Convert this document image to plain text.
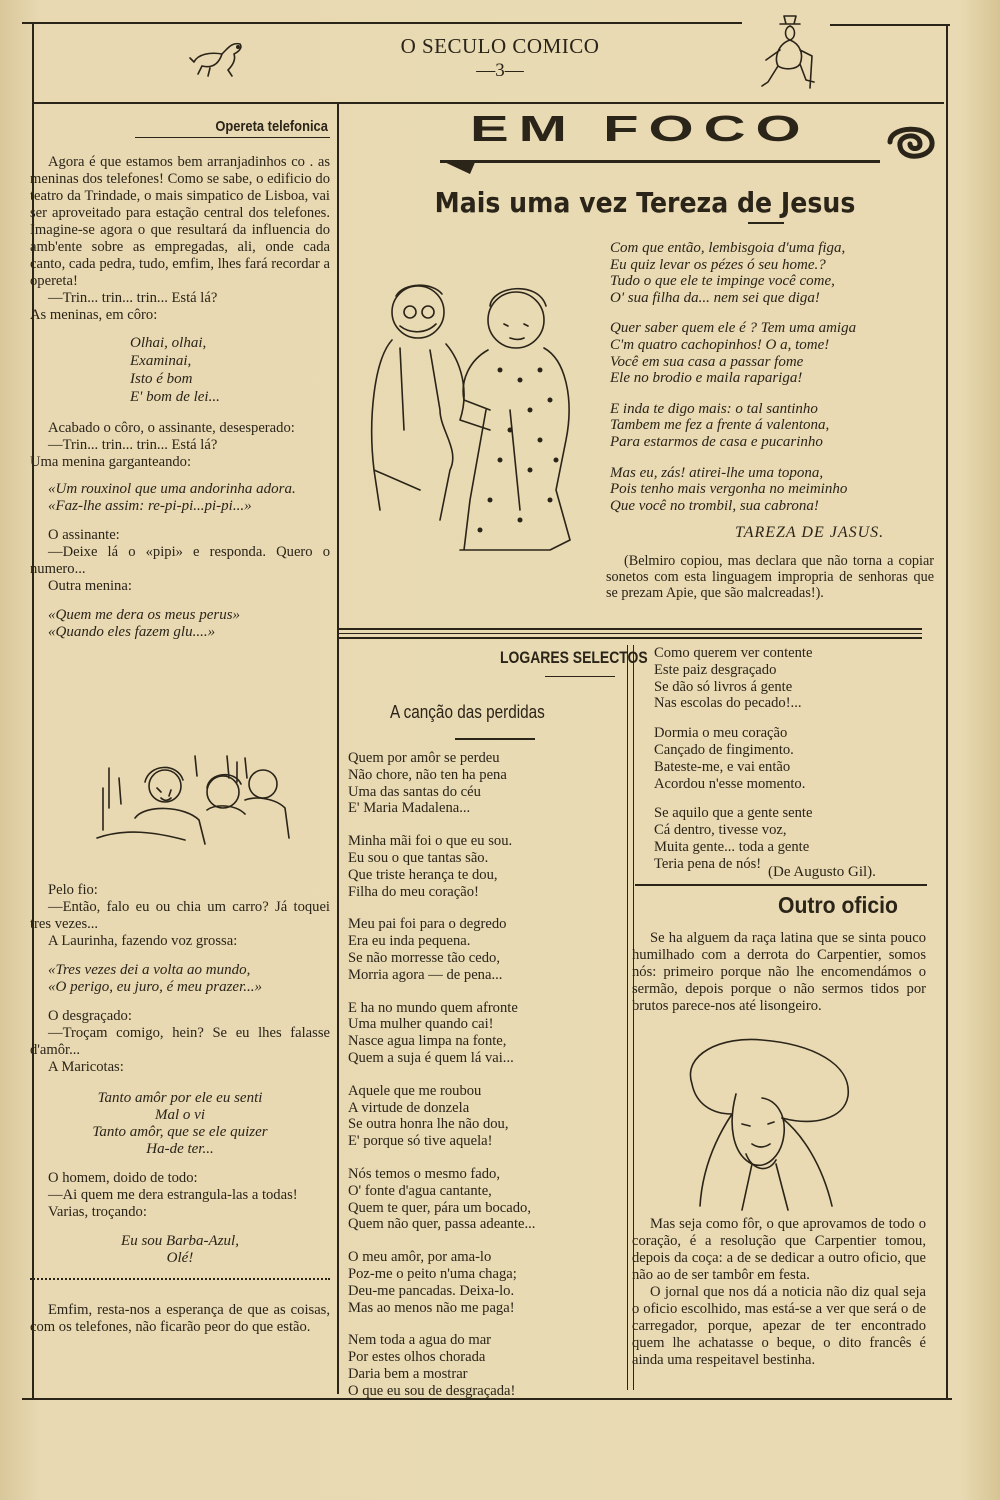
O SECULO COMICO
—3—
Opereta telefonica

Agora é que estamos bem arranjadinhos co . as meninas dos telefones! Como se sabe, o edificio do teatro da Trindade, o mais simpatico de Lisboa, vai ser aproveitado para estação central dos telefones. Imagine-se agora o que resultará da influencia do amb'ente sobre as empregadas, ali, onde cada canto, cada pedra, tudo, emfim, lhes fará recordar a opereta!

—Trin... trin... trin... Está lá?

As meninas, em côro:

Olhai, olhai,
Examinai,
Isto é bom
E' bom de lei...

Acabado o côro, o assinante, desesperado:

—Trin... trin... trin... Está lá?

Uma menina garganteando:

«Um rouxinol que uma andorinha adora.

«Faz-lhe assim: re-pi-pi...pi-pi...»

O assinante:

—Deixe lá o «pipi» e responda. Quero o numero...

Outra menina:

«Quem me dera os meus perus»

«Quando eles fazem glu....»

Pelo fio:

—Então, falo eu ou chia um carro? Já toquei tres vezes...

A Laurinha, fazendo voz grossa:

«Tres vezes dei a volta ao mundo,

«O perigo, eu juro, é meu prazer...»

O desgraçado:

—Troçam comigo, hein? Se eu lhes falasse d'amôr...

A Maricotas:

Tanto amôr por ele eu senti
Mal o vi
Tanto amôr, que se ele quizer
Ha-de ter...

O homem, doido de todo:

—Ai quem me dera estrangula-las a todas!

Varias, troçando:

Eu sou Barba-Azul,
Olé!

Emfim, resta-nos a esperança de que as coisas, com os telefones, não ficarão peor do que estão.

EM FOCO
Mais uma vez Tereza de Jesus
Com que então, lembisgoia d'uma figa,
Eu quiz levar os pézes ó seu home.?
Tudo o que ele te impinge você come,
O' sua filha da... nem sei que diga!
Quer saber quem ele é ? Tem uma amiga
C'm quatro cachopinhos! O a, tome!
Você em sua casa a passar fome
Ele no brodio e maila rapariga!
E inda te digo mais: o tal santinho
Tambem me fez a frente á valentona,
Para estarmos de casa e pucarinho
Mas eu, zás! atirei-lhe uma topona,
Pois tenho mais vergonha no meiminho
Que você no trombil, sua cabrona!
TAREZA DE JASUS.
(Belmiro copiou, mas declara que não torna a copiar sonetos com esta linguagem impropria de senhoras que se prezam Apie, que são malcreadas!).
LOGARES SELECTOS
A canção das perdidas
Quem por amôr se perdeu
Não chore, não ten ha pena
Uma das santas do céu
E' Maria Madalena...
Minha mãi foi o que eu sou.
Eu sou o que tantas são.
Que triste herança te dou,
Filha do meu coração!
Meu pai foi para o degredo
Era eu inda pequena.
Se não morresse tão cedo,
Morria agora — de pena...
E ha no mundo quem afronte
Uma mulher quando cai!
Nasce agua limpa na fonte,
Quem a suja é quem lá vai...
Aquele que me roubou
A virtude de donzela
Se outra honra lhe não dou,
E' porque só tive aquela!
Nós temos o mesmo fado,
O' fonte d'agua cantante,
Quem te quer, pára um bocado,
Quem não quer, passa adeante...
O meu amôr, por ama-lo
Poz-me o peito n'uma chaga;
Deu-me pancadas. Deixa-lo.
Mas ao menos não me paga!
Nem toda a agua do mar
Por estes olhos chorada
Daria bem a mostrar
O que eu sou de desgraçada!
Como querem ver contente
Este paiz desgraçado
Se dão só livros á gente
Nas escolas do pecado!...
Dormia o meu coração
Cançado de fingimento.
Bateste-me, e vai então
Acordou n'esse momento.
Se aquilo que a gente sente
Cá dentro, tivesse voz,
Muita gente... toda a gente
Teria pena de nós!
(De Augusto Gil).
Outro oficio
Se ha alguem da raça latina que se sinta pouco humilhado com a derrota do Carpentier, somos nós: primeiro porque não lhe encomendámos o sermão, depois porque o não sermos tidos por brutos parece-nos até lisongeiro.

Mas seja como fôr, o que aprovamos de todo o coração, é a resolução que Carpentier tomou, depois da coça: a de se dedicar a outro oficio, que não ao de ser tambôr em festa.

O jornal que nos dá a noticia não diz qual seja o oficio escolhido, mas está-se a ver que será o de carregador, porque, apezar de ter encontrado quem lhe achatasse o beque, o dito francês é ainda uma respeitavel bestinha.
